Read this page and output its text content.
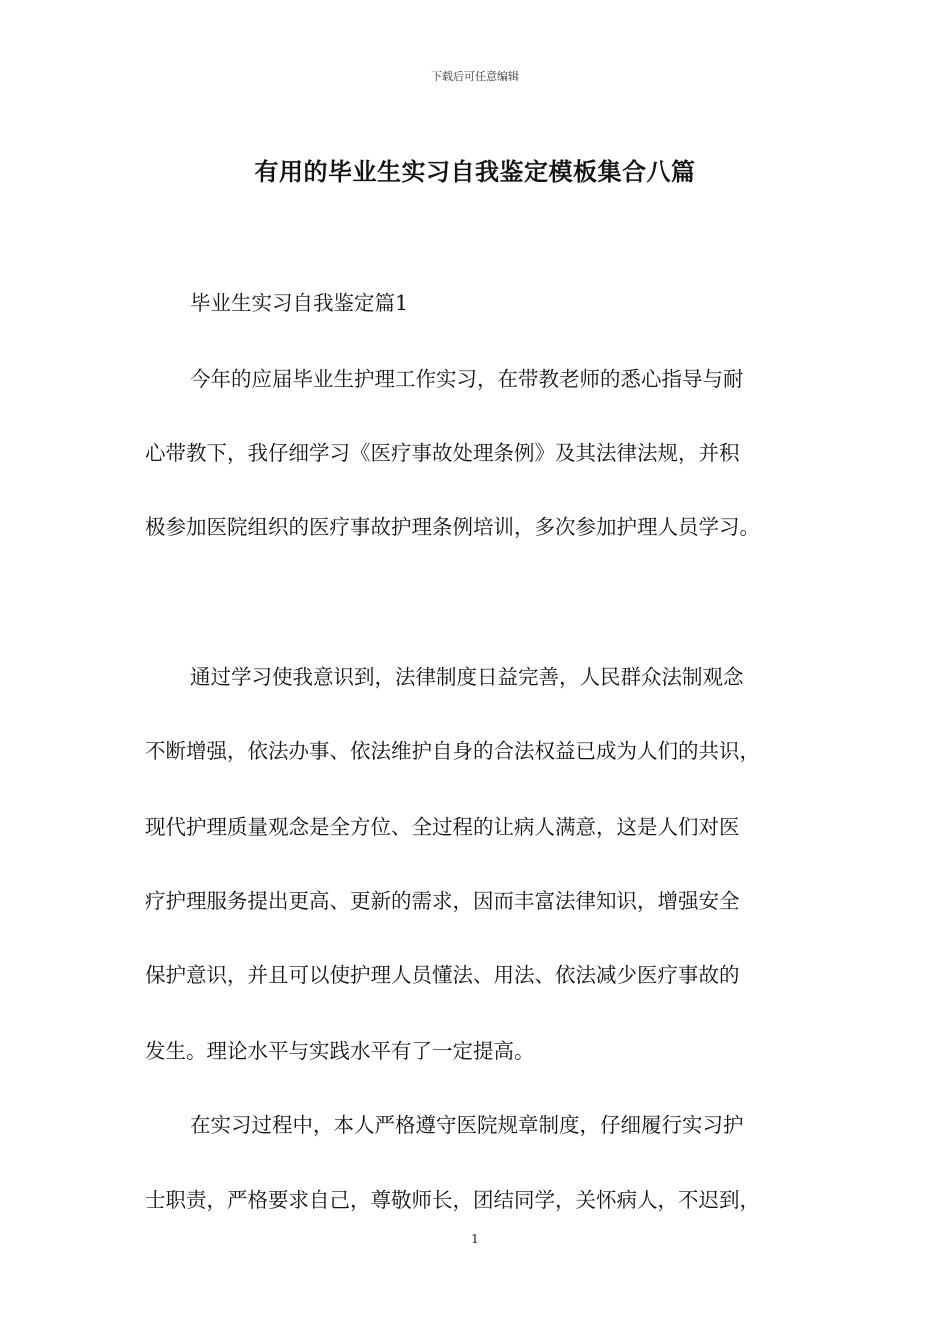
下载后可任意编辑
有用的毕业生实习自我鉴定模板集合八篇

毕业生实习自我鉴定篇1

今年的应届毕业生护理工作实习，在带教老师的悉心指导与耐

心带教下，我仔细学习《医疗事故处理条例》及其法律法规，并积

极参加医院组织的医疗事故护理条例培训，多次参加护理人员学习。

通过学习使我意识到，法律制度日益完善，人民群众法制观念

不断增强，依法办事、依法维护自身的合法权益已成为人们的共识，

现代护理质量观念是全方位、全过程的让病人满意，这是人们对医

疗护理服务提出更高、更新的需求，因而丰富法律知识，增强安全

保护意识，并且可以使护理人员懂法、用法、依法减少医疗事故的

发生。理论水平与实践水平有了一定提高。

在实习过程中，本人严格遵守医院规章制度，仔细履行实习护

士职责，严格要求自己，尊敬师长，团结同学，关怀病人，不迟到，

1
